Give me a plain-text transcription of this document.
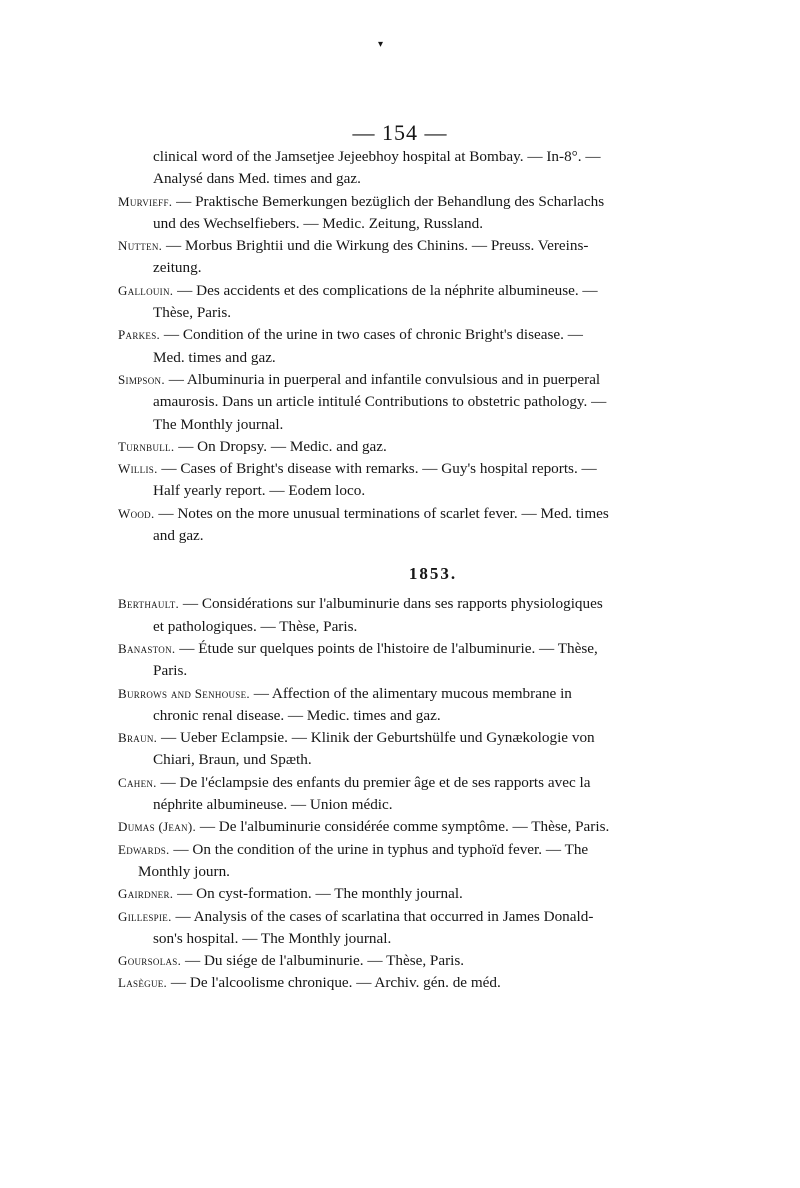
▾
— 154 —
clinical word of the Jamsetjee Jejeebhoy hospital at Bombay. — In-8°. —
Analysé dans Med. times and gaz.
Murvieff. — Praktische Bemerkungen bezüglich der Behandlung des Scharlachs
und des Wechselfiebers. — Medic. Zeitung, Russland.
Nutten. — Morbus Brightii und die Wirkung des Chinins. — Preuss. Vereins-
zeitung.
Gallouin. — Des accidents et des complications de la néphrite albumineuse. —
Thèse, Paris.
Parkes. — Condition of the urine in two cases of chronic Bright's disease. —
Med. times and gaz.
Simpson. — Albuminuria in puerperal and infantile convulsious and in puerperal
amaurosis. Dans un article intitulé Contributions to obstetric pathology. —
The Monthly journal.
Turnbull. — On Dropsy. — Medic. and gaz.
Willis. — Cases of Bright's disease with remarks. — Guy's hospital reports. —
Half yearly report. — Eodem loco.
Wood. — Notes on the more unusual terminations of scarlet fever. — Med. times
and gaz.
1853.
Berthault. — Considérations sur l'albuminurie dans ses rapports physiologiques
et pathologiques. — Thèse, Paris.
Banaston. — Étude sur quelques points de l'histoire de l'albuminurie. — Thèse,
Paris.
Burrows and Senhouse. — Affection of the alimentary mucous membrane in
chronic renal disease. — Medic. times and gaz.
Braun. — Ueber Eclampsie. — Klinik der Geburtshülfe und Gynækologie von
Chiari, Braun, und Spæth.
Cahen. — De l'éclampsie des enfants du premier âge et de ses rapports avec la
néphrite albumineuse. — Union médic.
Dumas (Jean). — De l'albuminurie considérée comme symptôme. — Thèse, Paris.
Edwards. — On the condition of the urine in typhus and typhoïd fever. — The
Monthly journ.
Gairdner. — On cyst-formation. — The monthly journal.
Gillespie. — Analysis of the cases of scarlatina that occurred in James Donald-
son's hospital. — The Monthly journal.
Goursolas. — Du siége de l'albuminurie. — Thèse, Paris.
Lasègue. — De l'alcoolisme chronique. — Archiv. gén. de méd.
